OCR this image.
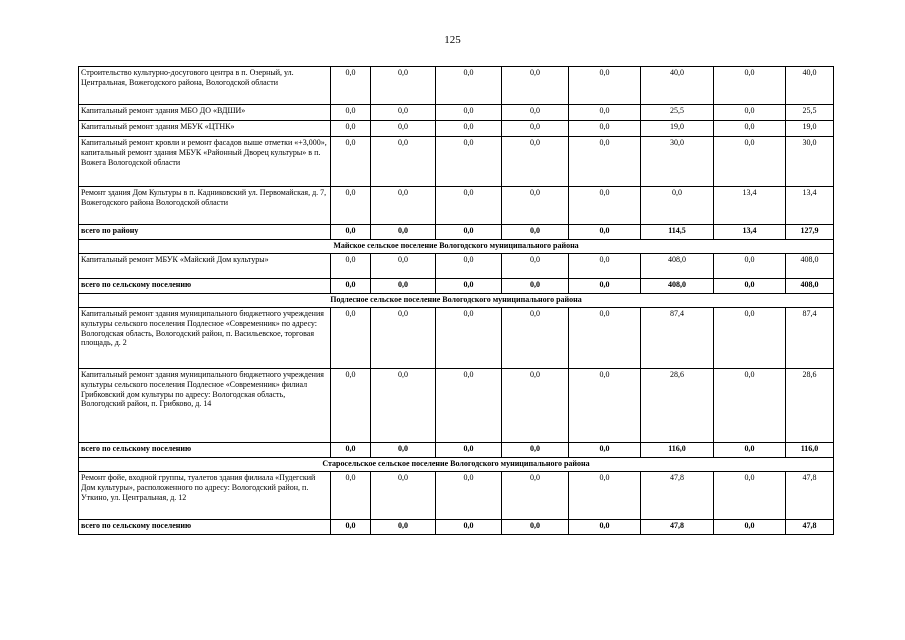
125
Строительство культурно-досугового центра в п. Озерный, ул. Центральная, Вожегодского района, Вологодской области	0,0	0,0	0,0	0,0	0,0	40,0	0,0	40,0
Капитальный ремонт здания МБО ДО «ВДШИ»	0,0	0,0	0,0	0,0	0,0	25,5	0,0	25,5
Капитальный ремонт здания МБУК «ЦТНК»	0,0	0,0	0,0	0,0	0,0	19,0	0,0	19,0
Капитальный ремонт кровли и ремонт фасадов выше отметки «+3,000», капитальный ремонт здания МБУК «Районный Дворец культуры» в п. Вожега Вологодской области	0,0	0,0	0,0	0,0	0,0	30,0	0,0	30,0
Ремонт здания Дом Культуры в п. Кадниковский ул. Первомайская, д. 7, Вожегодского района Вологодской области	0,0	0,0	0,0	0,0	0,0	0,0	13,4	13,4
всего по району	0,0	0,0	0,0	0,0	0,0	114,5	13,4	127,9
Майское сельское поселение Вологодского муниципального района								
Капитальный ремонт МБУК «Майский Дом культуры»	0,0	0,0	0,0	0,0	0,0	408,0	0,0	408,0
всего по сельскому поселению	0,0	0,0	0,0	0,0	0,0	408,0	0,0	408,0
Подлесное сельское поселение Вологодского муниципального района								
Капитальный ремонт здания муниципального бюджетного учреждения культуры сельского поселения Подлесное «Современник» по адресу: Вологодская область, Вологодский район, п. Васильевское, торговая площадь, д. 2	0,0	0,0	0,0	0,0	0,0	87,4	0,0	87,4
Капитальный ремонт здания муниципального бюджетного учреждения культуры сельского поселения Подлесное «Современник» филиал Грибковский дом культуры по адресу: Вологодская область, Вологодский район, п. Грибково, д. 14	0,0	0,0	0,0	0,0	0,0	28,6	0,0	28,6
всего по сельскому поселению	0,0	0,0	0,0	0,0	0,0	116,0	0,0	116,0
Старосельское сельское поселение Вологодского муниципального района								
Ремонт фойе, входной группы, туалетов здания филиала «Пудегский Дом культуры», расположенного по адресу: Вологодский район, п. Уткино, ул. Центральная, д. 12	0,0	0,0	0,0	0,0	0,0	47,8	0,0	47,8
всего по сельскому поселению	0,0	0,0	0,0	0,0	0,0	47,8	0,0	47,8
